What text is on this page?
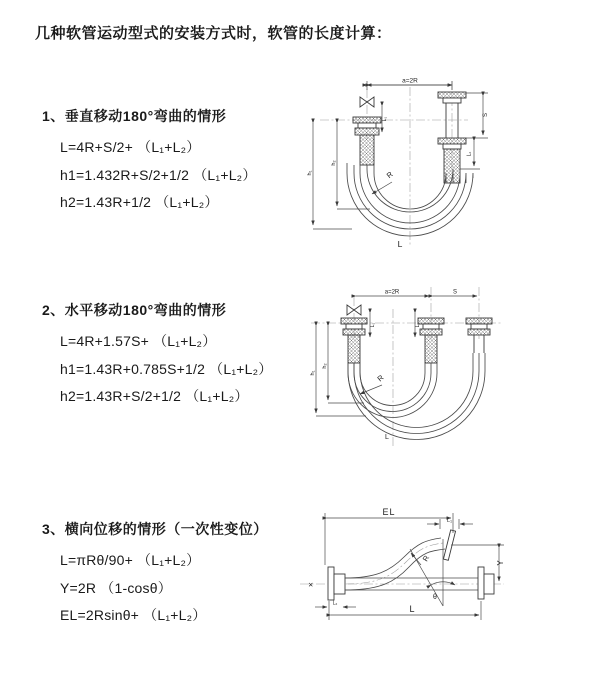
几种软管运动型式的安装方式时，软管的长度计算：
1、垂直移动180°弯曲的情形
L=4R+S/2+ （L₁+L₂）
h1=1.432R+S/2+1/2 （L₁+L₂）
h2=1.43R+1/2 （L₁+L₂）
a=2R
R
h₁
h₂
L₁
S
L₂
L
2、水平移动180°弯曲的情形
L=4R+1.57S+ （L₁+L₂）
h1=1.43R+0.785S+1/2 （L₁+L₂）
h2=1.43R+S/2+1/2 （L₁+L₂）
a=2R	S
R
h₁
h₂
L₁	L₂
L
3、横向位移的情形（一次性变位）
L=πRθ/90+ （L₁+L₂）
Y=2R （1-cosθ）
EL=2Rsinθ+ （L₁+L₂）
✕
EL
L₁
Y
θ
R
L₂
L
